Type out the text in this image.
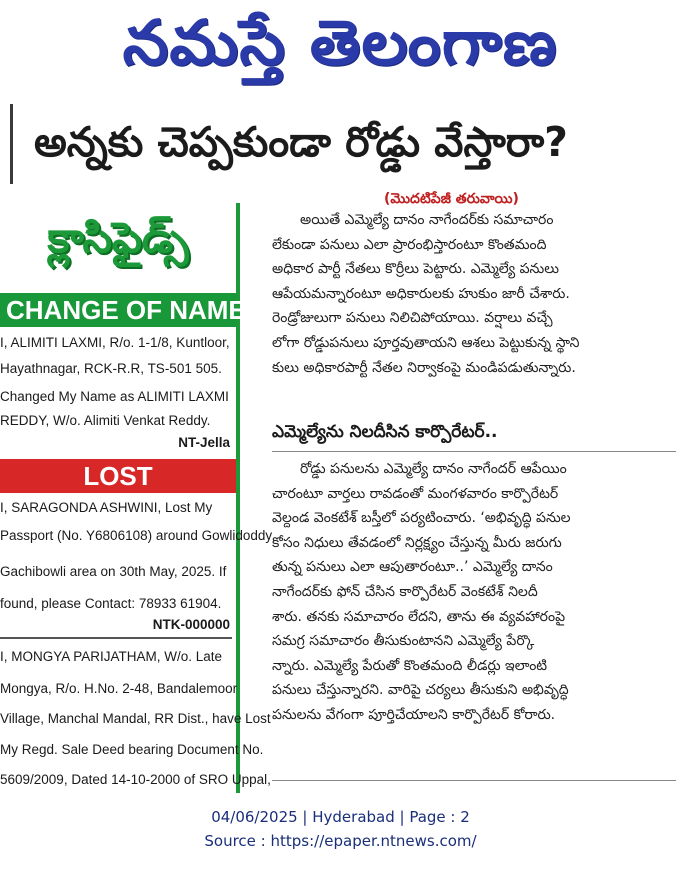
నమస్తే తెలంగాణ
అన్నకు చెప్పకుండా రోడ్డు వేస్తారా?
క్లాసిఫైడ్స్
CHANGE OF NAME
I, ALIMITI LAXMI, R/o. 1-1/8, Kuntloor,
Hayathnagar, RCK-R.R, TS-501 505.
Changed My Name as ALIMITI LAXMI
REDDY, W/o. Alimiti Venkat Reddy.
NT-Jella
LOST
I, SARAGONDA ASHWINI, Lost My
Passport (No. Y6806108) around Gowlidoddy
Gachibowli area on 30th May, 2025. If
found, please Contact: 78933 61904.
NTK-000000
I, MONGYA PARIJATHAM, W/o. Late
Mongya, R/o. H.No. 2-48, Bandalemoor
Village, Manchal Mandal, RR Dist., have Lost
My Regd. Sale Deed bearing Document No.
5609/2009, Dated 14-10-2000 of SRO Uppal,
(మొదటిపేజీ తరువాయి)
అయితే ఎమ్మెల్యే దానం నాగేందర్‌కు సమాచారం
లేకుండా పనులు ఎలా ప్రారంభిస్తారంటూ కొంతమంది
అధికార పార్టీ నేతలు కొర్రీలు పెట్టారు. ఎమ్మెల్యే పనులు
ఆపేయమన్నారంటూ అధికారులకు హుకుం జారీ చేశారు.
రెండ్రోజులుగా పనులు నిలిచిపోయాయి. వర్షాలు వచ్చే
లోగా రోడ్డుపనులు పూర్తవుతాయని ఆశలు పెట్టుకున్న స్థాని
కులు అధికారపార్టీ నేతల నిర్వాకంపై మండిపడుతున్నారు.
ఎమ్మెల్యేను నిలదీసిన కార్పొరేటర్..
రోడ్డు పనులను ఎమ్మెల్యే దానం నాగేందర్ ఆపేయిం
చారంటూ వార్తలు రావడంతో మంగళవారం కార్పొరేటర్
వెల్దండ వెంకటేశ్ బస్తీలో పర్యటించారు. ‘అభివృద్ధి పనుల
కోసం నిధులు తేవడంలో నిర్లక్ష్యం చేస్తున్న మీరు జరుగు
తున్న పనులు ఎలా ఆపుతారంటూ..’ ఎమ్మెల్యే దానం
నాగేందర్‌కు ఫోన్ చేసిన కార్పొరేటర్ వెంకటేశ్ నిలదీ
శారు. తనకు సమాచారం లేదని, తాను ఈ వ్యవహారంపై
సమగ్ర సమాచారం తీసుకుంటానని ఎమ్మెల్యే పేర్కొ
న్నారు. ఎమ్మెల్యే పేరుతో కొంతమంది లీడర్లు ఇలాంటి
పనులు చేస్తున్నారని. వారిపై చర్యలు తీసుకుని అభివృద్ధి
పనులను వేగంగా పూర్తిచేయాలని కార్పొరేటర్ కోరారు.
04/06/2025 | Hyderabad | Page : 2
Source : https://epaper.ntnews.com/
